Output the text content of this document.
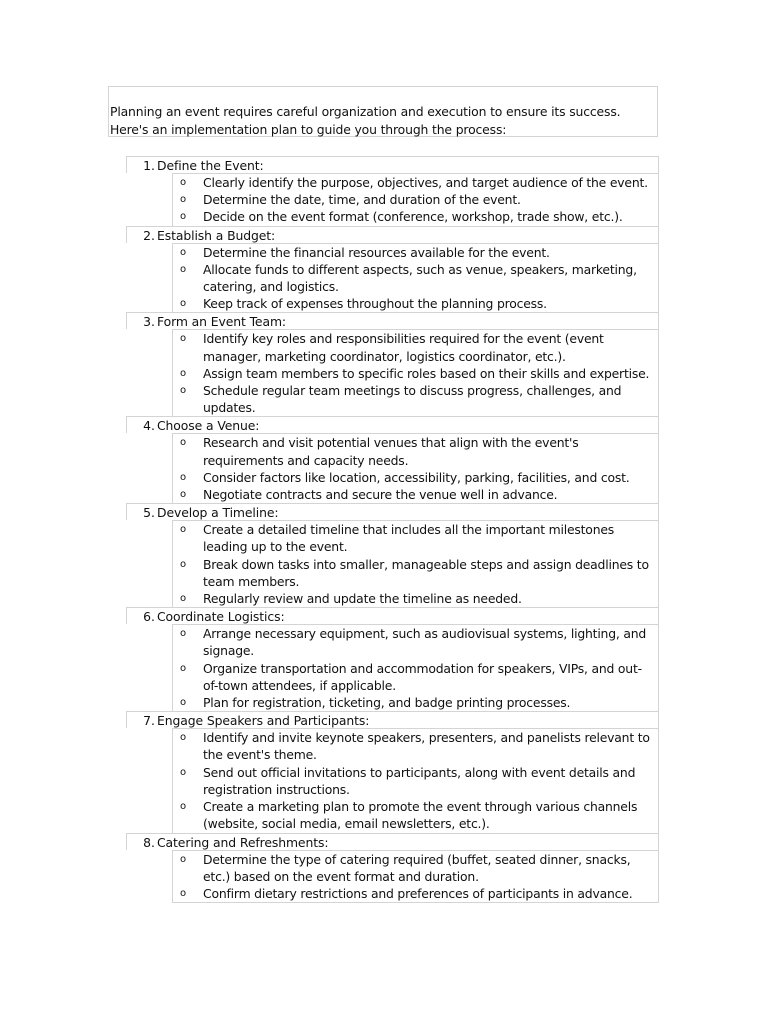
Planning an event requires careful organization and execution to ensure its success. Here's an implementation plan to guide you through the process:
1. Define the Event:
o Clearly identify the purpose, objectives, and target audience of the event.
o Determine the date, time, and duration of the event.
o Decide on the event format (conference, workshop, trade show, etc.).
2. Establish a Budget:
o Determine the financial resources available for the event.
o Allocate funds to different aspects, such as venue, speakers, marketing, catering, and logistics.
o Keep track of expenses throughout the planning process.
3. Form an Event Team:
o Identify key roles and responsibilities required for the event (event manager, marketing coordinator, logistics coordinator, etc.).
o Assign team members to specific roles based on their skills and expertise.
o Schedule regular team meetings to discuss progress, challenges, and updates.
4. Choose a Venue:
o Research and visit potential venues that align with the event's requirements and capacity needs.
o Consider factors like location, accessibility, parking, facilities, and cost.
o Negotiate contracts and secure the venue well in advance.
5. Develop a Timeline:
o Create a detailed timeline that includes all the important milestones leading up to the event.
o Break down tasks into smaller, manageable steps and assign deadlines to team members.
o Regularly review and update the timeline as needed.
6. Coordinate Logistics:
o Arrange necessary equipment, such as audiovisual systems, lighting, and signage.
o Organize transportation and accommodation for speakers, VIPs, and out-of-town attendees, if applicable.
o Plan for registration, ticketing, and badge printing processes.
7. Engage Speakers and Participants:
o Identify and invite keynote speakers, presenters, and panelists relevant to the event's theme.
o Send out official invitations to participants, along with event details and registration instructions.
o Create a marketing plan to promote the event through various channels (website, social media, email newsletters, etc.).
8. Catering and Refreshments:
o Determine the type of catering required (buffet, seated dinner, snacks, etc.) based on the event format and duration.
o Confirm dietary restrictions and preferences of participants in advance.
